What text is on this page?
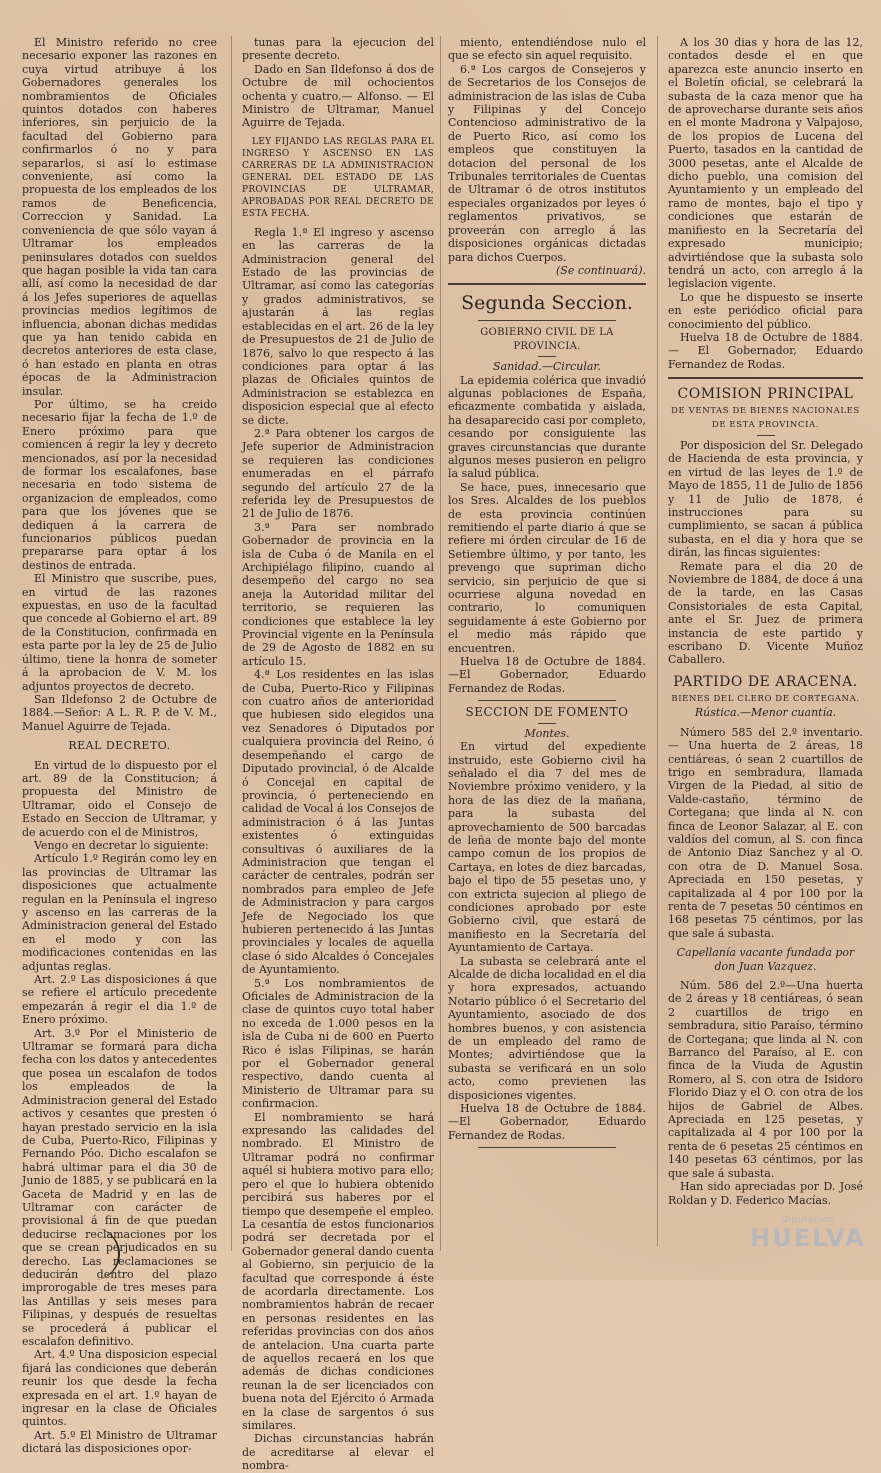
El Ministro referido no cree necesario exponer las razones en cuya virtud atribuye á los Gobernadores generales los nombramientos de Oficiales quintos dotados con haberes inferiores, sin perjuicio de la facultad del Gobierno para confirmarlos ó no y para separarlos, si así lo estimase conveniente, así como la propuesta de los empleados de los ramos de Beneficencia, Correccion y Sanidad. La conveniencia de que sólo vayan á Ultramar los empleados peninsulares dotados con sueldos que hagan posible la vida tan cara allí, así como la necesidad de dar á los Jefes superiores de aquellas provincias medios legítimos de influencia, abonan dichas medidas que ya han tenido cabida en decretos anteriores de esta clase, ó han estado en planta en otras épocas de la Administracion insular.

Por último, se ha creido necesario fijar la fecha de 1.º de Enero próximo para que comiencen á regir la ley y decreto mencionados, así por la necesidad de formar los escalafones, base necesaria en todo sistema de organizacion de empleados, como para que los jóvenes que se dediquen á la carrera de funcionarios públicos puedan prepararse para optar á los destinos de entrada.

El Ministro que suscribe, pues, en virtud de las razones expuestas, en uso de la facultad que concede al Gobierno el art. 89 de la Constitucion, confirmada en esta parte por la ley de 25 de Julio último, tiene la honra de someter á la aprobacion de V. M. los adjuntos proyectos de decreto.

San Ildefonso 2 de Octubre de 1884.—Señor: A L. R. P. de V. M., Manuel Aguirre de Tejada.

REAL DECRETO.

En virtud de lo dispuesto por el art. 89 de la Constitucion; á propuesta del Ministro de Ultramar, oido el Consejo de Estado en Seccion de Ultramar, y de acuerdo con el de Ministros,

Vengo en decretar lo siguiente:

Artículo 1.º Regirán como ley en las provincias de Ultramar las disposiciones que actualmente regulan en la Península el ingreso y ascenso en las carreras de la Administracion general del Estado en el modo y con las modificaciones contenidas en las adjuntas reglas.

Art. 2.º Las disposiciones á que se refiere el artículo precedente empezarán á regir el dia 1.º de Enero próximo.

Art. 3.º Por el Ministerio de Ultramar se formará para dicha fecha con los datos y antecedentes que posea un escalafon de todos los empleados de la Administracion general del Estado activos y cesantes que presten ó hayan prestado servicio en la isla de Cuba, Puerto-Rico, Filipinas y Fernando Póo. Dicho escalafon se habrá ultimar para el dia 30 de Junio de 1885, y se publicará en la Gaceta de Madrid y en las de Ultramar con carácter de provisional á fin de que puedan deducirse reclamaciones por los que se crean perjudicados en su derecho. Las reclamaciones se deducirán dentro del plazo improrogable de tres meses para las Antillas y seis meses para Filipinas, y después de resueltas se procederá á publicar el escalafon definitivo.

Art. 4.º Una disposicion especial fijará las condiciones que deberán reunir los que desde la fecha expresada en el art. 1.º hayan de ingresar en la clase de Oficiales quintos.

Art. 5.º El Ministro de Ultramar dictará las disposiciones opor-

tunas para la ejecucion del presente decreto.

Dado en San Ildefonso á dos de Octubre de mil ochocientos ochenta y cuatro.— Alfonso. — El Ministro de Ultramar, Manuel Aguirre de Tejada.

LEY FIJANDO LAS REGLAS PARA EL INGRESO Y ASCENSO EN LAS CARRERAS DE LA ADMINISTRACION GENERAL DEL ESTADO DE LAS PROVINCIAS DE ULTRAMAR, APROBADAS POR REAL DECRETO DE ESTA FECHA.

Regla 1.ª El ingreso y ascenso en las carreras de la Administracion general del Estado de las provincias de Ultramar, así como las categorías y grados administrativos, se ajustarán á las reglas establecidas en el art. 26 de la ley de Presupuestos de 21 de Julio de 1876, salvo lo que respecto á las condiciones para optar á las plazas de Oficiales quintos de Administracion se establezca en disposicion especial que al efecto se dicte.

2.ª Para obtener los cargos de Jefe superior de Administracion se requieren las condiciones enumeradas en el párrafo segundo del artículo 27 de la referida ley de Presupuestos de 21 de Julio de 1876.

3.ª Para ser nombrado Gobernador de provincia en la isla de Cuba ó de Manila en el Archipiélago filipino, cuando al desempeño del cargo no sea aneja la Autoridad militar del territorio, se requieren las condiciones que establece la ley Provincial vigente en la Península de 29 de Agosto de 1882 en su artículo 15.

4.ª Los residentes en las islas de Cuba, Puerto-Rico y Filipinas con cuatro años de anterioridad que hubiesen sido elegidos una vez Senadores ó Diputados por cualquiera provincia del Reino, ó desempeñando el cargo de Diputado provincial, ó de Alcalde ó Concejal en capital de provincia, ó perteneciendo en calidad de Vocal á los Consejos de administracion ó á las Juntas existentes ó extinguidas consultivas ó auxiliares de la Administracion que tengan el carácter de centrales, podrán ser nombrados para empleo de Jefe de Administracion y para cargos Jefe de Negociado los que hubieren pertenecido á las Juntas provinciales y locales de aquella clase ó sido Alcaldes ó Concejales de Ayuntamiento.

5.ª Los nombramientos de Oficiales de Administracion de la clase de quintos cuyo total haber no exceda de 1.000 pesos en la isla de Cuba ni de 600 en Puerto Rico é islas Filipinas, se harán por el Gobernador general respectivo, dando cuenta al Ministerio de Ultramar para su confirmacion.

El nombramiento se hará expresando las calidades del nombrado. El Ministro de Ultramar podrá no confirmar aquél si hubiera motivo para ello; pero el que lo hubiera obtenido percibirá sus haberes por el tiempo que desempeñe el empleo. La cesantía de estos funcionarios podrá ser decretada por el Gobernador general dando cuenta al Gobierno, sin perjuicio de la facultad que corresponde á éste de acordarla directamente. Los nombramientos habrán de recaer en personas residentes en las referidas provincias con dos años de antelacion. Una cuarta parte de aquellos recaerá en los que además de dichas condiciones reunan la de ser licenciados con buena nota del Ejército ó Armada en la clase de sargentos ó sus similares.

Dichas circunstancias habrán de acreditarse al elevar el nombra-

miento, entendiéndose nulo el que se efecto sin aquel requisito.

6.ª Los cargos de Consejeros y de Secretarios de los Consejos de administracion de las islas de Cuba y Filipinas y del Concejo Contencioso administrativo de la de Puerto Rico, así como los empleos que constituyen la dotacion del personal de los Tribunales territoriales de Cuentas de Ultramar ó de otros institutos especiales organizados por leyes ó reglamentos privativos, se proveerán con arreglo á las disposiciones orgánicas dictadas para dichos Cuerpos.

(Se continuará).

Segunda Seccion.

GOBIERNO CIVIL DE LA PROVINCIA.

Sanidad.—Circular.

La epidemia colérica que invadió algunas poblaciones de España, eficazmente combatida y aislada, ha desaparecido casi por completo, cesando por consiguiente las graves circunstancias que durante algunos meses pusieron en peligro la salud pública.

Se hace, pues, innecesario que los Sres. Alcaldes de los pueblos de esta provincia continúen remitiendo el parte diario á que se refiere mi órden circular de 16 de Setiembre último, y por tanto, les prevengo que supriman dicho servicio, sin perjuicio de que si ocurriese alguna novedad en contrario, lo comuniquen seguidamente á este Gobierno por el medio más rápido que encuentren.

Huelva 18 de Octubre de 1884. —El Gobernador, Eduardo Fernandez de Rodas.

SECCION DE FOMENTO

Montes.

En virtud del expediente instruido, este Gobierno civil ha señalado el dia 7 del mes de Noviembre próximo venidero, y la hora de las diez de la mañana, para la subasta del aprovechamiento de 500 barcadas de leña de monte bajo del monte campo comun de los propios de Cartaya, en lotes de diez barcadas, bajo el tipo de 55 pesetas uno, y con extricta sujecion al pliego de condiciones aprobado por este Gobierno civil, que estará de manifiesto en la Secretaría del Ayuntamiento de Cartaya.

La subasta se celebrará ante el Alcalde de dicha localidad en el dia y hora expresados, actuando Notario público ó el Secretario del Ayuntamiento, asociado de dos hombres buenos, y con asistencia de un empleado del ramo de Montes; advirtiéndose que la subasta se verificará en un solo acto, como previenen las disposiciones vigentes.

Huelva 18 de Octubre de 1884. —El Gobernador, Eduardo Fernandez de Rodas.

A los 30 dias y hora de las 12, contados desde el en que aparezca este anuncio inserto en el Boletín oficial, se celebrará la subasta de la caza menor que ha de aprovecharse durante seis años en el monte Madrona y Valpajoso, de los propios de Lucena del Puerto, tasados en la cantidad de 3000 pesetas, ante el Alcalde de dicho pueblo, una comision del Ayuntamiento y un empleado del ramo de montes, bajo el tipo y condiciones que estarán de manifiesto en la Secretaría del expresado municipio; advirtiéndose que la subasta solo tendrá un acto, con arreglo á la legislacion vigente.

Lo que he dispuesto se inserte en este periódico oficial para conocimiento del público.

Huelva 18 de Octubre de 1884.— El Gobernador, Eduardo Fernandez de Rodas.

COMISION PRINCIPAL

DE VENTAS DE BIENES NACIONALES DE ESTA PROVINCIA.

Por disposicion del Sr. Delegado de Hacienda de esta provincia, y en virtud de las leyes de 1.º de Mayo de 1855, 11 de Julio de 1856 y 11 de Julio de 1878, é instrucciones para su cumplimiento, se sacan á pública subasta, en el dia y hora que se dirán, las fincas siguientes:

Remate para el dia 20 de Noviembre de 1884, de doce á una de la tarde, en las Casas Consistoriales de esta Capital, ante el Sr. Juez de primera instancia de este partido y escribano D. Vicente Muñoz Caballero.

PARTIDO DE ARACENA.

BIENES DEL CLERO DE CORTEGANA.

Rústica.—Menor cuantía.

Número 585 del 2.º inventario.— Una huerta de 2 áreas, 18 centiáreas, ó sean 2 cuartillos de trigo en sembradura, llamada Virgen de la Piedad, al sitio de Valde-castaño, término de Cortegana; que linda al N. con finca de Leonor Salazar, al E. con valdíos del comun, al S. con finca de Antonio Diaz Sanchez y al O. con otra de D. Manuel Sosa. Apreciada en 150 pesetas, y capitalizada al 4 por 100 por la renta de 7 pesetas 50 céntimos en 168 pesetas 75 céntimos, por las que sale á subasta.

Capellanía vacante fundada por don Juan Vazquez.

Núm. 586 del 2.º—Una huerta de 2 áreas y 18 centiáreas, ó sean 2 cuartillos de trigo en sembradura, sitio Paraíso, término de Cortegana; que linda al N. con Barranco del Paraíso, al E. con finca de la Viuda de Agustin Romero, al S. con otra de Isidoro Florido Diaz y el O. con otra de los hijos de Gabriel de Albes. Apreciada en 125 pesetas, y capitalizada al 4 por 100 por la renta de 6 pesetas 25 céntimos en 140 pesetas 63 céntimos, por las que sale á subasta.

Han sido apreciadas por D. José Roldan y D. Federico Macías.

Diputación
HUELVA
